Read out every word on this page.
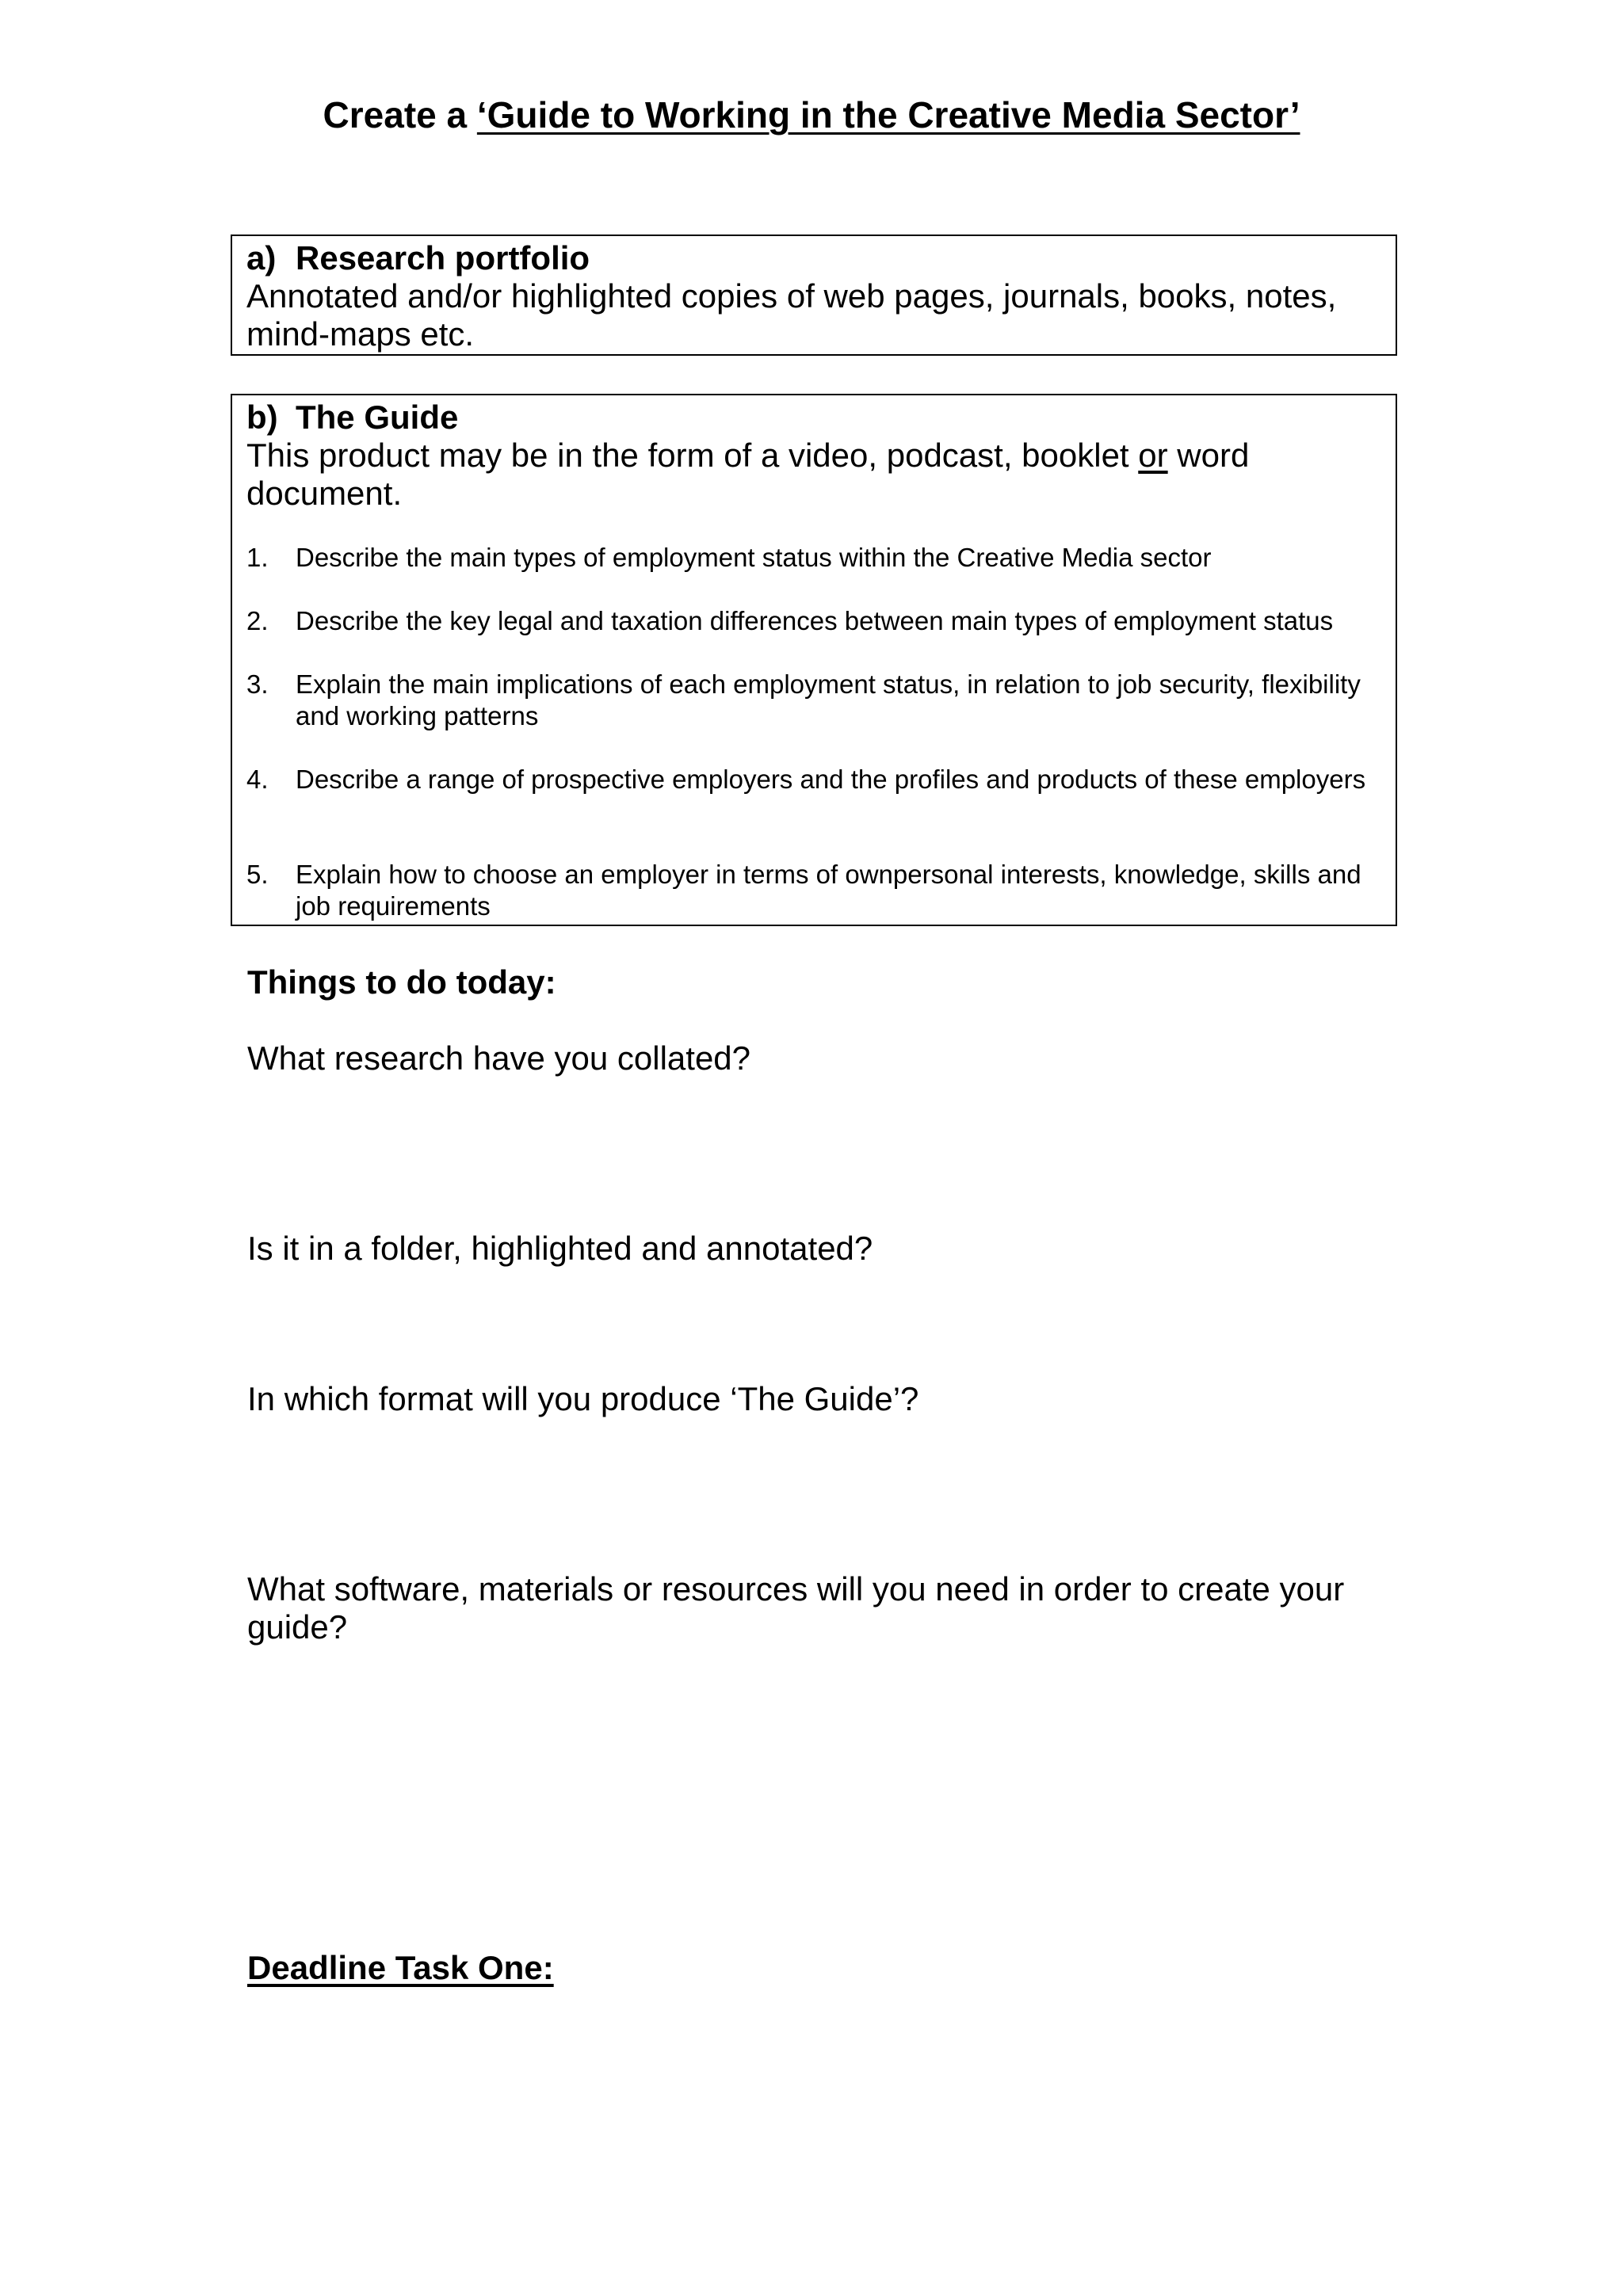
Create a ‘Guide to Working in the Creative Media Sector’
a) Research portfolio
Annotated and/or highlighted copies of web pages, journals, books, notes, mind-maps etc.
b) The Guide
This product may be in the form of a video, podcast, booklet or word document.
1. Describe the main types of employment status within the Creative Media sector
2. Describe the key legal and taxation differences between main types of employment status
3. Explain the main implications of each employment status, in relation to job security, flexibility and working patterns
4. Describe a range of prospective employers and the profiles and products of these employers
5. Explain how to choose an employer in terms of ownpersonal interests, knowledge, skills and job requirements
Things to do today:
What research have you collated?
Is it in a folder, highlighted and annotated?
In which format will you produce ‘The Guide’?
What software, materials or resources will you need in order to create your guide?
Deadline Task One:
